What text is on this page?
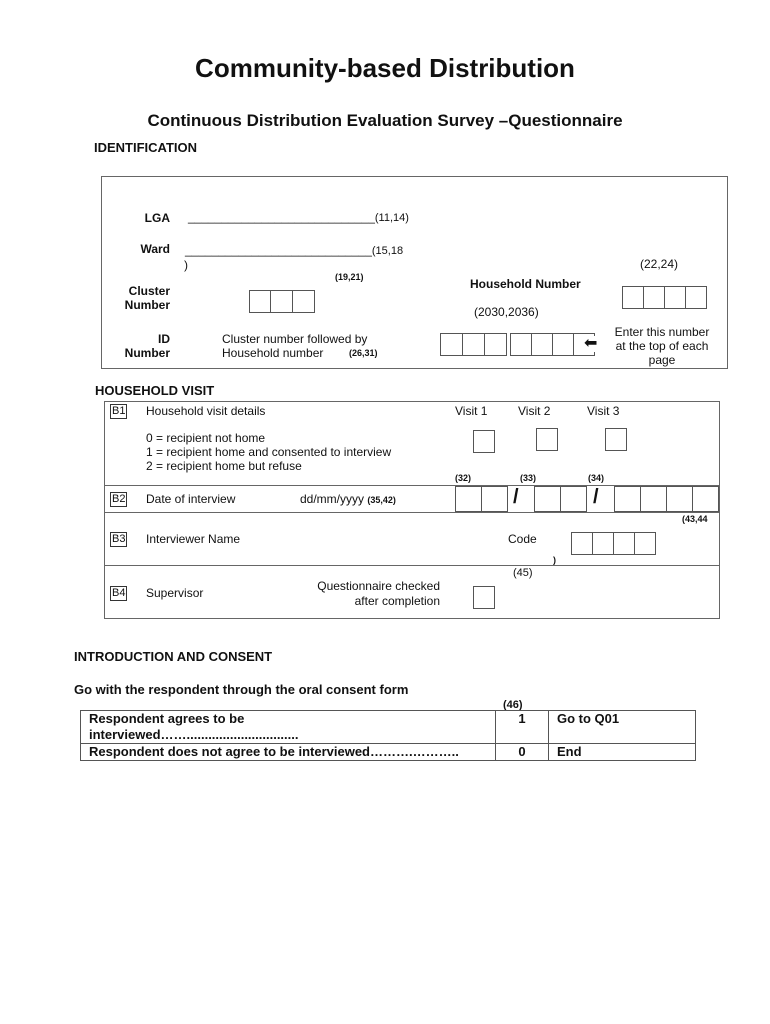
Community-based Distribution
Continuous Distribution Evaluation Survey –Questionnaire
IDENTIFICATION
LGA ____________________________(11,14)
Ward ____________________________(15,18
)
(19,21)
Cluster Number
(22,24)
Household Number
(2030,2036)
ID Number
Cluster number followed by
Household number	(26,31)
⬅
Enter this number at the top of each page
HOUSEHOLD VISIT
B1 Household visit details	Visit 1	Visit 2	Visit 3
0 = recipient not home
1 = recipient home and consented to interview
2 = recipient home but refuse
(32)	(33)	(34)
B2 Date of interview	dd/mm/yyyy (35,42)	/	/
(43,44
B3 Interviewer Name	Code
)
(45)
B4 Supervisor	Questionnaire checked
after completion
INTRODUCTION AND CONSENT
Go with the respondent through the oral consent form
(46)
Respondent agrees to be
interviewed……...............................	1	Go to Q01
Respondent does not agree to be interviewed……….………..	0	End
